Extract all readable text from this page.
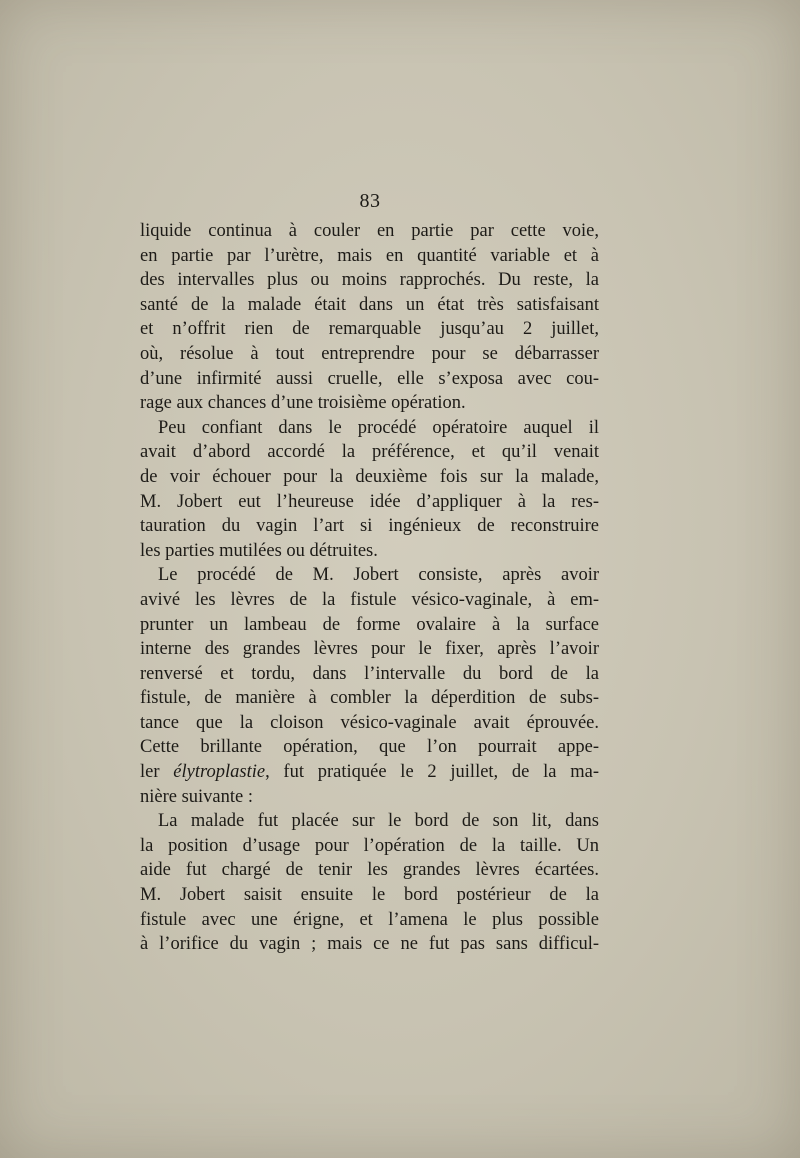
83
liquide continua à couler en partie par cette voie,
en partie par l’urètre, mais en quantité variable et à
des intervalles plus ou moins rapprochés. Du reste, la
santé de la malade était dans un état très satisfaisant
et n’offrit rien de remarquable jusqu’au 2 juillet,
où, résolue à tout entreprendre pour se débarrasser
d’une infirmité aussi cruelle, elle s’exposa avec cou-
rage aux chances d’une troisième opération.
Peu confiant dans le procédé opératoire auquel il
avait d’abord accordé la préférence, et qu’il venait
de voir échouer pour la deuxième fois sur la malade,
M. Jobert eut l’heureuse idée d’appliquer à la res-
tauration du vagin l’art si ingénieux de reconstruire
les parties mutilées ou détruites.
Le procédé de M. Jobert consiste, après avoir
avivé les lèvres de la fistule vésico-vaginale, à em-
prunter un lambeau de forme ovalaire à la surface
interne des grandes lèvres pour le fixer, après l’avoir
renversé et tordu, dans l’intervalle du bord de la
fistule, de manière à combler la déperdition de subs-
tance que la cloison vésico-vaginale avait éprouvée.
Cette brillante opération, que l’on pourrait appe-
ler élytroplastie, fut pratiquée le 2 juillet, de la ma-
nière suivante :
La malade fut placée sur le bord de son lit, dans
la position d’usage pour l’opération de la taille. Un
aide fut chargé de tenir les grandes lèvres écartées.
M. Jobert saisit ensuite le bord postérieur de la
fistule avec une érigne, et l’amena le plus possible
à l’orifice du vagin ; mais ce ne fut pas sans difficul-
